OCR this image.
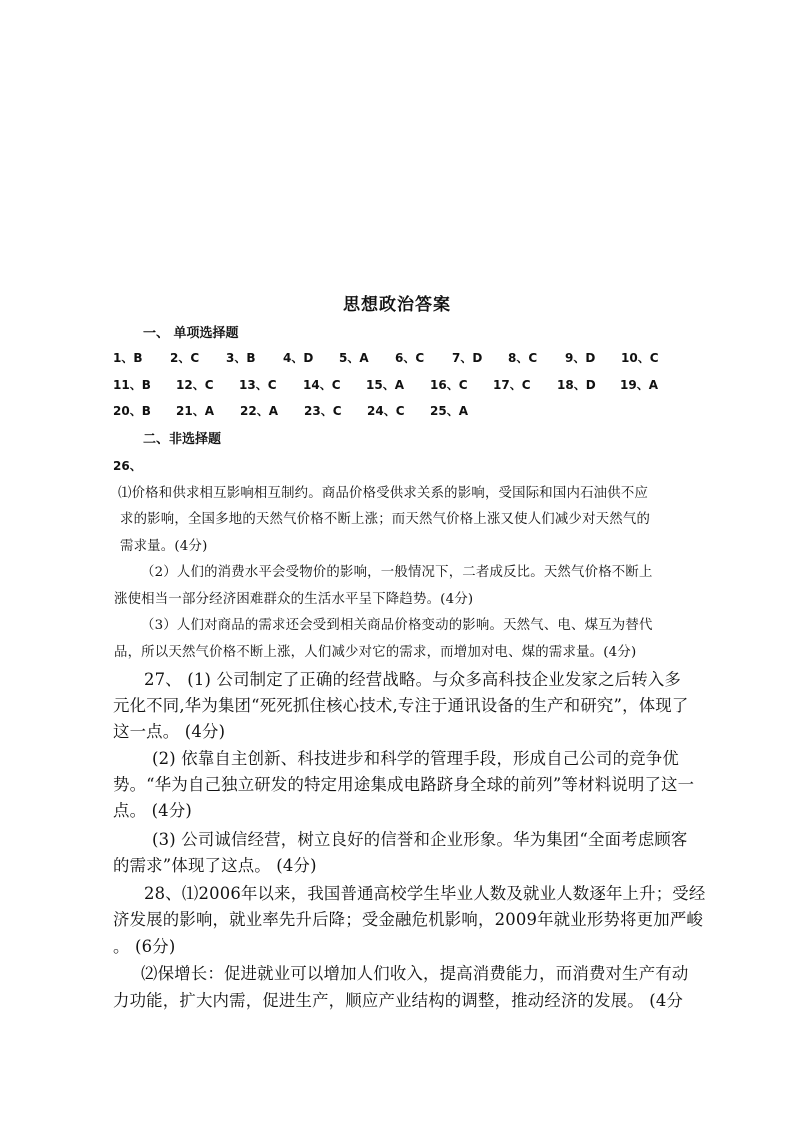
思想政治答案
一、 单项选择题
1、B 2、C 3、B 4、D 5、A 6、C 7、D 8、C 9、D 10、C
11、B 12、C 13、C 14、C 15、A 16、C 17、C 18、D 19、A
20、B 21、A 22、A 23、C 24、C 25、A
二、非选择题
26、
⑴价格和供求相互影响相互制约。商品价格受供求关系的影响，受国际和国内石油供不应
求的影响，全国多地的天然气价格不断上涨；而天然气价格上涨又使人们减少对天然气的
需求量。(4分)
（2）人们的消费水平会受物价的影响，一般情况下，二者成反比。天然气价格不断上
涨使相当一部分经济困难群众的生活水平呈下降趋势。(4分)
（3）人们对商品的需求还会受到相关商品价格变动的影响。天然气、电、煤互为替代
品，所以天然气价格不断上涨，人们减少对它的需求，而增加对电、煤的需求量。(4分)
27、 (1) 公司制定了正确的经营战略。与众多高科技企业发家之后转入多
元化不同,华为集团“死死抓住核心技术,专注于通讯设备的生产和研究”，体现了
这一点。 (4分)
(2) 依靠自主创新、科技进步和科学的管理手段，形成自己公司的竞争优
势。“华为自己独立研发的特定用途集成电路跻身全球的前列”等材料说明了这一
点。 (4分)
(3) 公司诚信经营，树立良好的信誉和企业形象。华为集团“全面考虑顾客
的需求”体现了这点。 (4分)
28、⑴2006年以来，我国普通高校学生毕业人数及就业人数逐年上升；受经
济发展的影响，就业率先升后降；受金融危机影响，2009年就业形势将更加严峻
。 (6分)
⑵保增长：促进就业可以增加人们收入，提高消费能力，而消费对生产有动
力功能，扩大内需，促进生产，顺应产业结构的调整，推动经济的发展。 (4分
